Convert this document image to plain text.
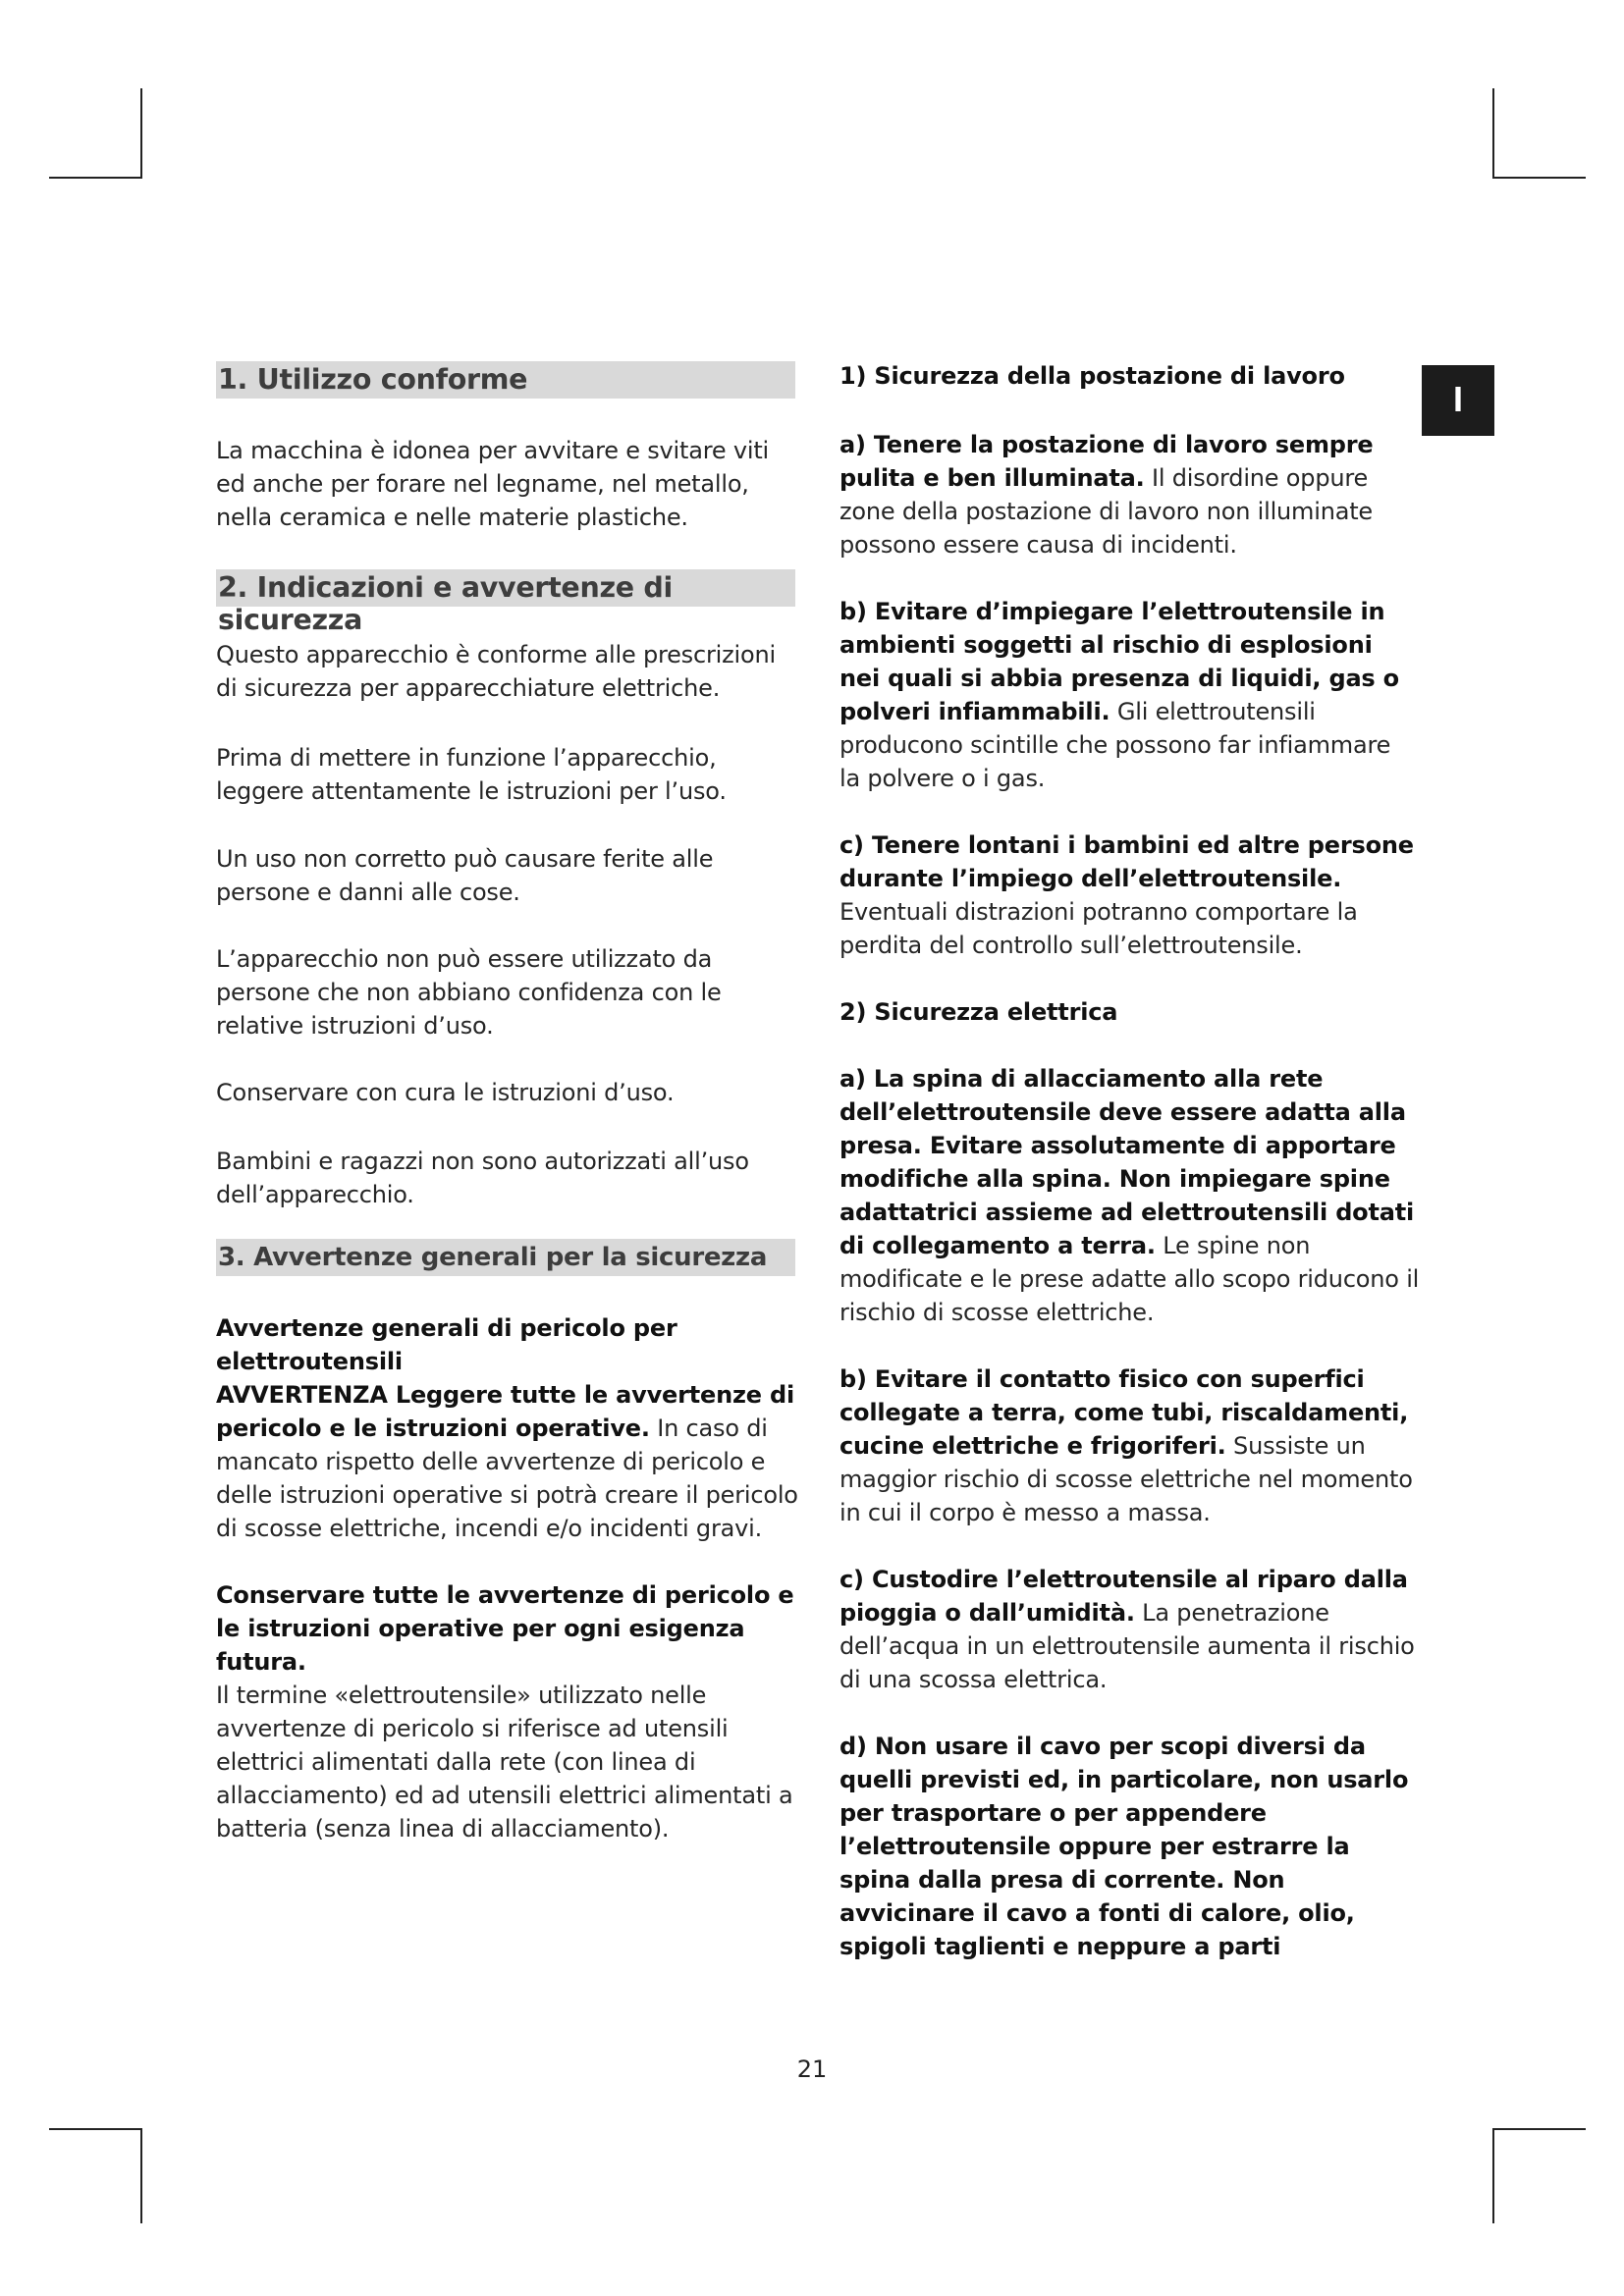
I
1. Utilizzo conforme
La macchina è idonea per avvitare e svitare viti ed anche per forare nel legname, nel metallo, nella ceramica e nelle materie plastiche.
2. Indicazioni e avvertenze di sicurezza
Questo apparecchio è conforme alle prescrizioni di sicurezza per apparecchiature elettriche.
Prima di mettere in funzione l’apparecchio, leggere attentamente le istruzioni per l’uso.
Un uso non corretto può causare ferite alle persone e danni alle cose.
L’apparecchio non può essere utilizzato da persone che non abbiano confidenza con le relative istruzioni d’uso.
Conservare con cura le istruzioni d’uso.
Bambini e ragazzi non sono autorizzati all’uso dell’apparecchio.
3. Avvertenze generali per la sicurezza
Avvertenze generali di pericolo per elettroutensili
AVVERTENZA Leggere tutte le avvertenze di pericolo e le istruzioni operative. In caso di mancato rispetto delle avvertenze di pericolo e delle istruzioni operative si potrà creare il pericolo di scosse elettriche, incendi e/o incidenti gravi.
Conservare tutte le avvertenze di pericolo e le istruzioni operative per ogni esigenza futura.
Il termine «elettroutensile» utilizzato nelle avvertenze di pericolo si riferisce ad utensili elettrici alimentati dalla rete (con linea di allacciamento) ed ad utensili elettrici alimentati a batteria (senza linea di allacciamento).
1) Sicurezza della postazione di lavoro
a) Tenere la postazione di lavoro sempre pulita e ben illuminata. Il disordine oppure zone della postazione di lavoro non illuminate possono essere causa di incidenti.
b) Evitare d’impiegare l’elettroutensile in ambienti soggetti al rischio di esplosioni nei quali si abbia presenza di liquidi, gas o polveri infiammabili. Gli elettroutensili producono scintille che possono far infiammare la polvere o i gas.
c) Tenere lontani i bambini ed altre persone durante l’impiego dell’elettroutensile. Eventuali distrazioni potranno comportare la perdita del controllo sull’elettroutensile.
2) Sicurezza elettrica
a) La spina di allacciamento alla rete dell’elettroutensile deve essere adatta alla presa. Evitare assolutamente di apportare modifiche alla spina. Non impiegare spine adattatrici assieme ad elettroutensili dotati di collegamento a terra. Le spine non modificate e le prese adatte allo scopo riducono il rischio di scosse elettriche.
b) Evitare il contatto fisico con superfici collegate a terra, come tubi, riscaldamenti, cucine elettriche e frigoriferi. Sussiste un maggior rischio di scosse elettriche nel momento in cui il corpo è messo a massa.
c) Custodire l’elettroutensile al riparo dalla pioggia o dall’umidità. La penetrazione dell’acqua in un elettroutensile aumenta il rischio di una scossa elettrica.
d) Non usare il cavo per scopi diversi da quelli previsti ed, in particolare, non usarlo per trasportare o per appendere l’elettroutensile oppure per estrarre la spina dalla presa di corrente. Non avvicinare il cavo a fonti di calore, olio, spigoli taglienti e neppure a parti
21
